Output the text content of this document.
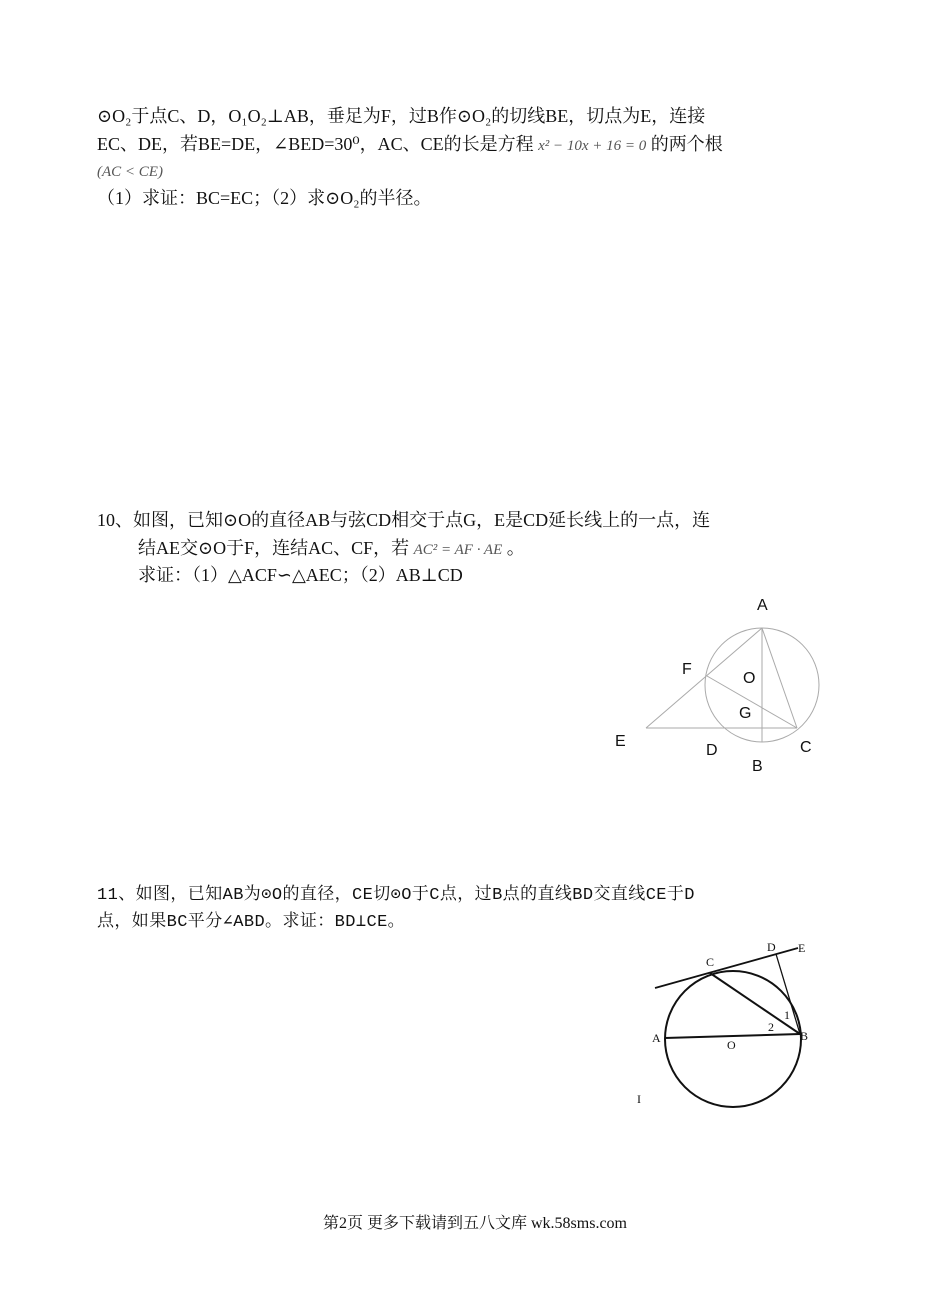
⊙O₂于点C、D，O₁O₂⊥AB，垂足为F，过B作⊙O₂的切线BE，切点为E，连接
EC、DE，若BE=DE，∠BED=30⁰，AC、CE的长是方程 x² − 10x + 16 = 0 的两个根
(AC < CE)
（1）求证：BC=EC；（2）求⊙O₂的半径。
10、如图，已知⊙O的直径AB与弦CD相交于点G，E是CD延长线上的一点，连
结AE交⊙O于F，连结AC、CF，若 AC² = AF · AE 。
求证：（1）△ACF∽△AEC；（2）AB⊥CD
A
F
O
G
E
D
B
C
11、如图，已知AB为⊙O的直径，CE切⊙O于C点，过B点的直线BD交直线CE于D
点，如果BC平分∠ABD。求证：BD⊥CE。
C
D E
A	O
B
1
2
I
第2页 更多下载请到五八文库 wk.58sms.com
